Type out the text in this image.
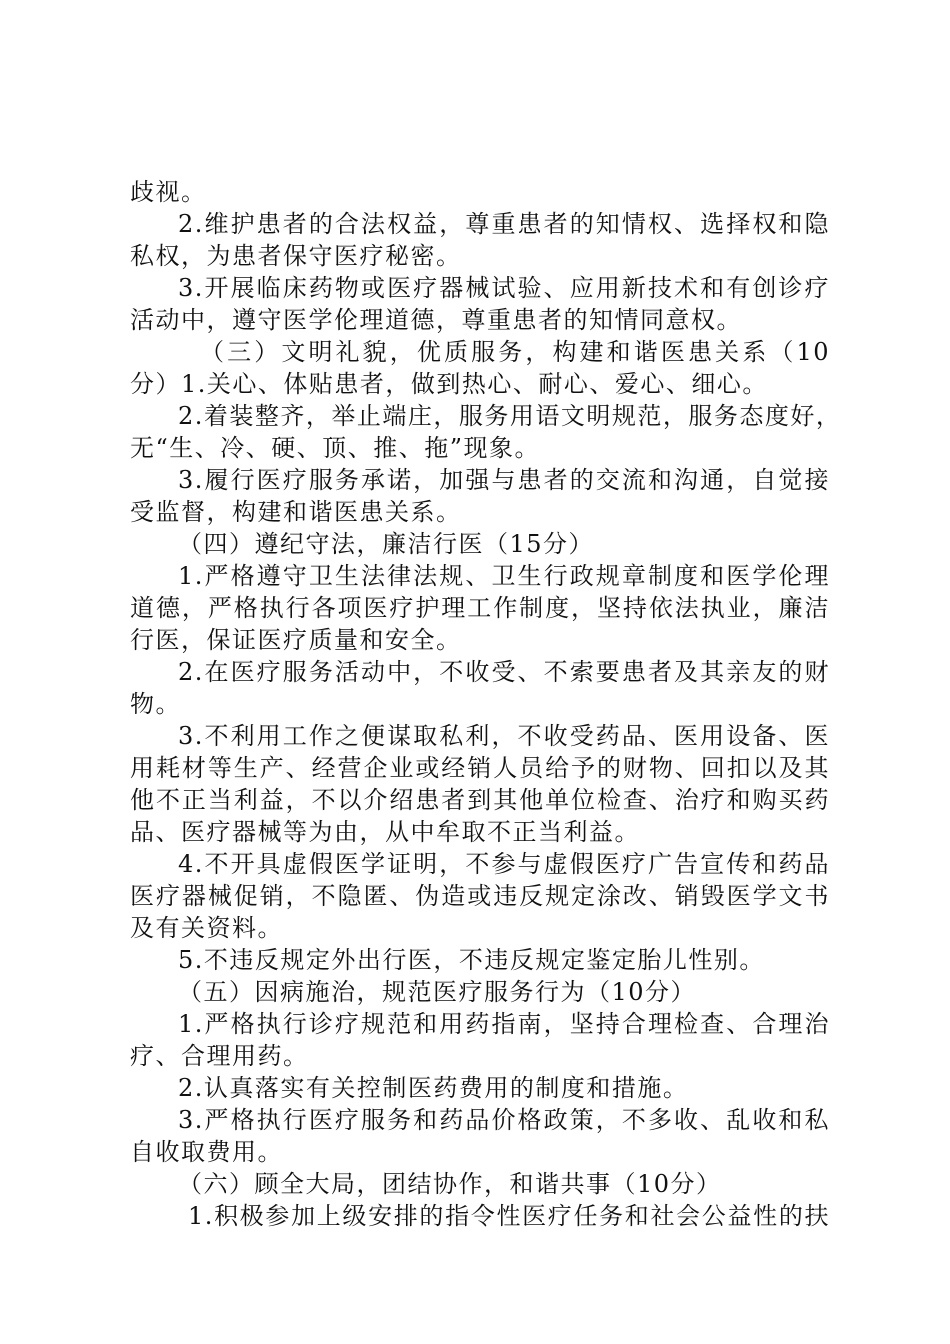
歧视。
2.维护患者的合法权益，尊重患者的知情权、选择权和隐
私权，为患者保守医疗秘密。
3.开展临床药物或医疗器械试验、应用新技术和有创诊疗
活动中，遵守医学伦理道德，尊重患者的知情同意权。
（三）文明礼貌，优质服务，构建和谐医患关系（10
分）1.关心、体贴患者，做到热心、耐心、爱心、细心。
2.着装整齐，举止端庄，服务用语文明规范，服务态度好，
无“生、冷、硬、顶、推、拖”现象。
3.履行医疗服务承诺，加强与患者的交流和沟通，自觉接
受监督，构建和谐医患关系。
（四）遵纪守法，廉洁行医（15分）
1.严格遵守卫生法律法规、卫生行政规章制度和医学伦理
道德，严格执行各项医疗护理工作制度，坚持依法执业，廉洁
行医，保证医疗质量和安全。
2.在医疗服务活动中，不收受、不索要患者及其亲友的财
物。
3.不利用工作之便谋取私利，不收受药品、医用设备、医
用耗材等生产、经营企业或经销人员给予的财物、回扣以及其
他不正当利益，不以介绍患者到其他单位检查、治疗和购买药
品、医疗器械等为由，从中牟取不正当利益。
4.不开具虚假医学证明，不参与虚假医疗广告宣传和药品
医疗器械促销，不隐匿、伪造或违反规定涂改、销毁医学文书
及有关资料。
5.不违反规定外出行医，不违反规定鉴定胎儿性别。
（五）因病施治，规范医疗服务行为（10分）
1.严格执行诊疗规范和用药指南，坚持合理检查、合理治
疗、合理用药。
2.认真落实有关控制医药费用的制度和措施。
3.严格执行医疗服务和药品价格政策，不多收、乱收和私
自收取费用。
（六）顾全大局，团结协作，和谐共事（10分）
1.积极参加上级安排的指令性医疗任务和社会公益性的扶
